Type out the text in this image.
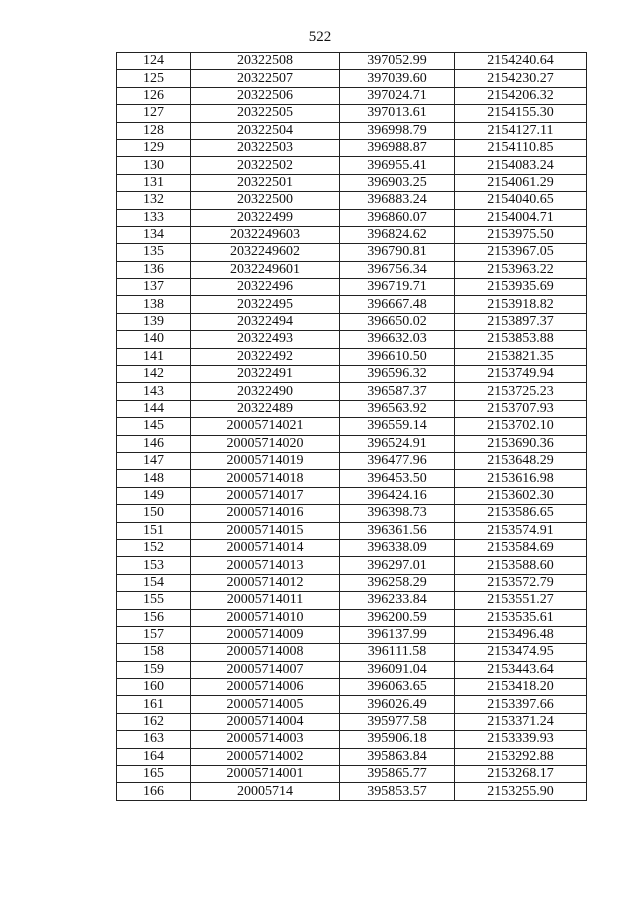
522
124	20322508	397052.99	2154240.64
125	20322507	397039.60	2154230.27
126	20322506	397024.71	2154206.32
127	20322505	397013.61	2154155.30
128	20322504	396998.79	2154127.11
129	20322503	396988.87	2154110.85
130	20322502	396955.41	2154083.24
131	20322501	396903.25	2154061.29
132	20322500	396883.24	2154040.65
133	20322499	396860.07	2154004.71
134	2032249603	396824.62	2153975.50
135	2032249602	396790.81	2153967.05
136	2032249601	396756.34	2153963.22
137	20322496	396719.71	2153935.69
138	20322495	396667.48	2153918.82
139	20322494	396650.02	2153897.37
140	20322493	396632.03	2153853.88
141	20322492	396610.50	2153821.35
142	20322491	396596.32	2153749.94
143	20322490	396587.37	2153725.23
144	20322489	396563.92	2153707.93
145	20005714021	396559.14	2153702.10
146	20005714020	396524.91	2153690.36
147	20005714019	396477.96	2153648.29
148	20005714018	396453.50	2153616.98
149	20005714017	396424.16	2153602.30
150	20005714016	396398.73	2153586.65
151	20005714015	396361.56	2153574.91
152	20005714014	396338.09	2153584.69
153	20005714013	396297.01	2153588.60
154	20005714012	396258.29	2153572.79
155	20005714011	396233.84	2153551.27
156	20005714010	396200.59	2153535.61
157	20005714009	396137.99	2153496.48
158	20005714008	396111.58	2153474.95
159	20005714007	396091.04	2153443.64
160	20005714006	396063.65	2153418.20
161	20005714005	396026.49	2153397.66
162	20005714004	395977.58	2153371.24
163	20005714003	395906.18	2153339.93
164	20005714002	395863.84	2153292.88
165	20005714001	395865.77	2153268.17
166	20005714	395853.57	2153255.90
